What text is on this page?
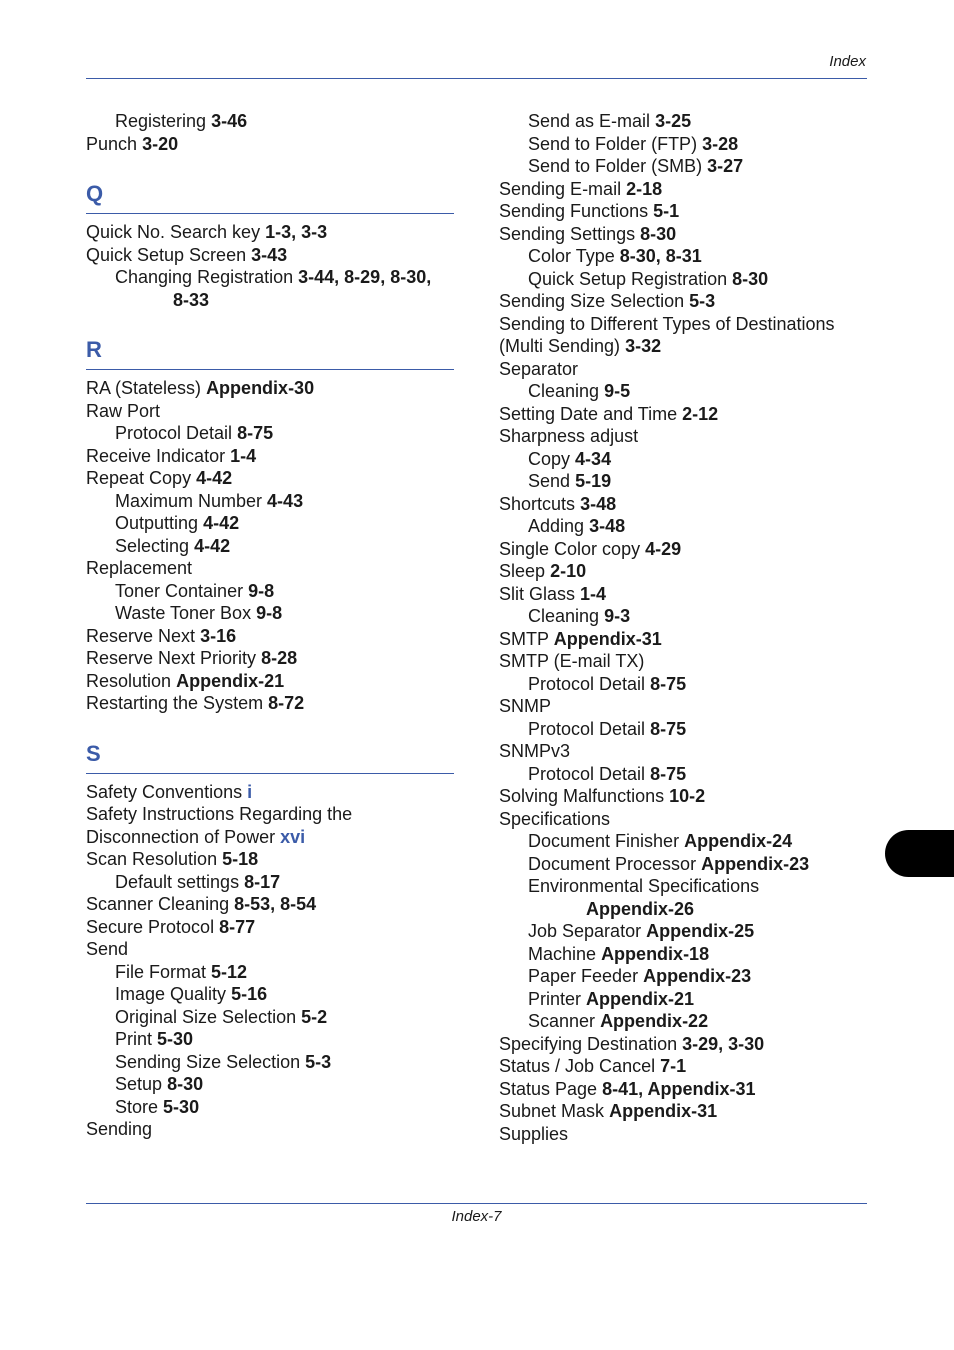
Index
Registering 3-46
Punch 3-20
Q
Quick No. Search key 1-3, 3-3
Quick Setup Screen 3-43
Changing Registration 3-44, 8-29, 8-30,
8-33
R
RA (Stateless) Appendix-30
Raw Port
Protocol Detail 8-75
Receive Indicator 1-4
Repeat Copy 4-42
Maximum Number 4-43
Outputting 4-42
Selecting 4-42
Replacement
Toner Container 9-8
Waste Toner Box 9-8
Reserve Next 3-16
Reserve Next Priority 8-28
Resolution Appendix-21
Restarting the System 8-72
S
Safety Conventions i
Safety Instructions Regarding the
Disconnection of Power xvi
Scan Resolution 5-18
Default settings 8-17
Scanner Cleaning 8-53, 8-54
Secure Protocol 8-77
Send
File Format 5-12
Image Quality 5-16
Original Size Selection 5-2
Print 5-30
Sending Size Selection 5-3
Setup 8-30
Store 5-30
Sending
Send as E-mail 3-25
Send to Folder (FTP) 3-28
Send to Folder (SMB) 3-27
Sending E-mail 2-18
Sending Functions 5-1
Sending Settings 8-30
Color Type 8-30, 8-31
Quick Setup Registration 8-30
Sending Size Selection 5-3
Sending to Different Types of Destinations
(Multi Sending) 3-32
Separator
Cleaning 9-5
Setting Date and Time 2-12
Sharpness adjust
Copy 4-34
Send 5-19
Shortcuts 3-48
Adding 3-48
Single Color copy 4-29
Sleep 2-10
Slit Glass 1-4
Cleaning 9-3
SMTP Appendix-31
SMTP (E-mail TX)
Protocol Detail 8-75
SNMP
Protocol Detail 8-75
SNMPv3
Protocol Detail 8-75
Solving Malfunctions 10-2
Specifications
Document Finisher Appendix-24
Document Processor Appendix-23
Environmental Specifications
Appendix-26
Job Separator Appendix-25
Machine Appendix-18
Paper Feeder Appendix-23
Printer Appendix-21
Scanner Appendix-22
Specifying Destination 3-29, 3-30
Status / Job Cancel 7-1
Status Page 8-41, Appendix-31
Subnet Mask Appendix-31
Supplies
Index-7
